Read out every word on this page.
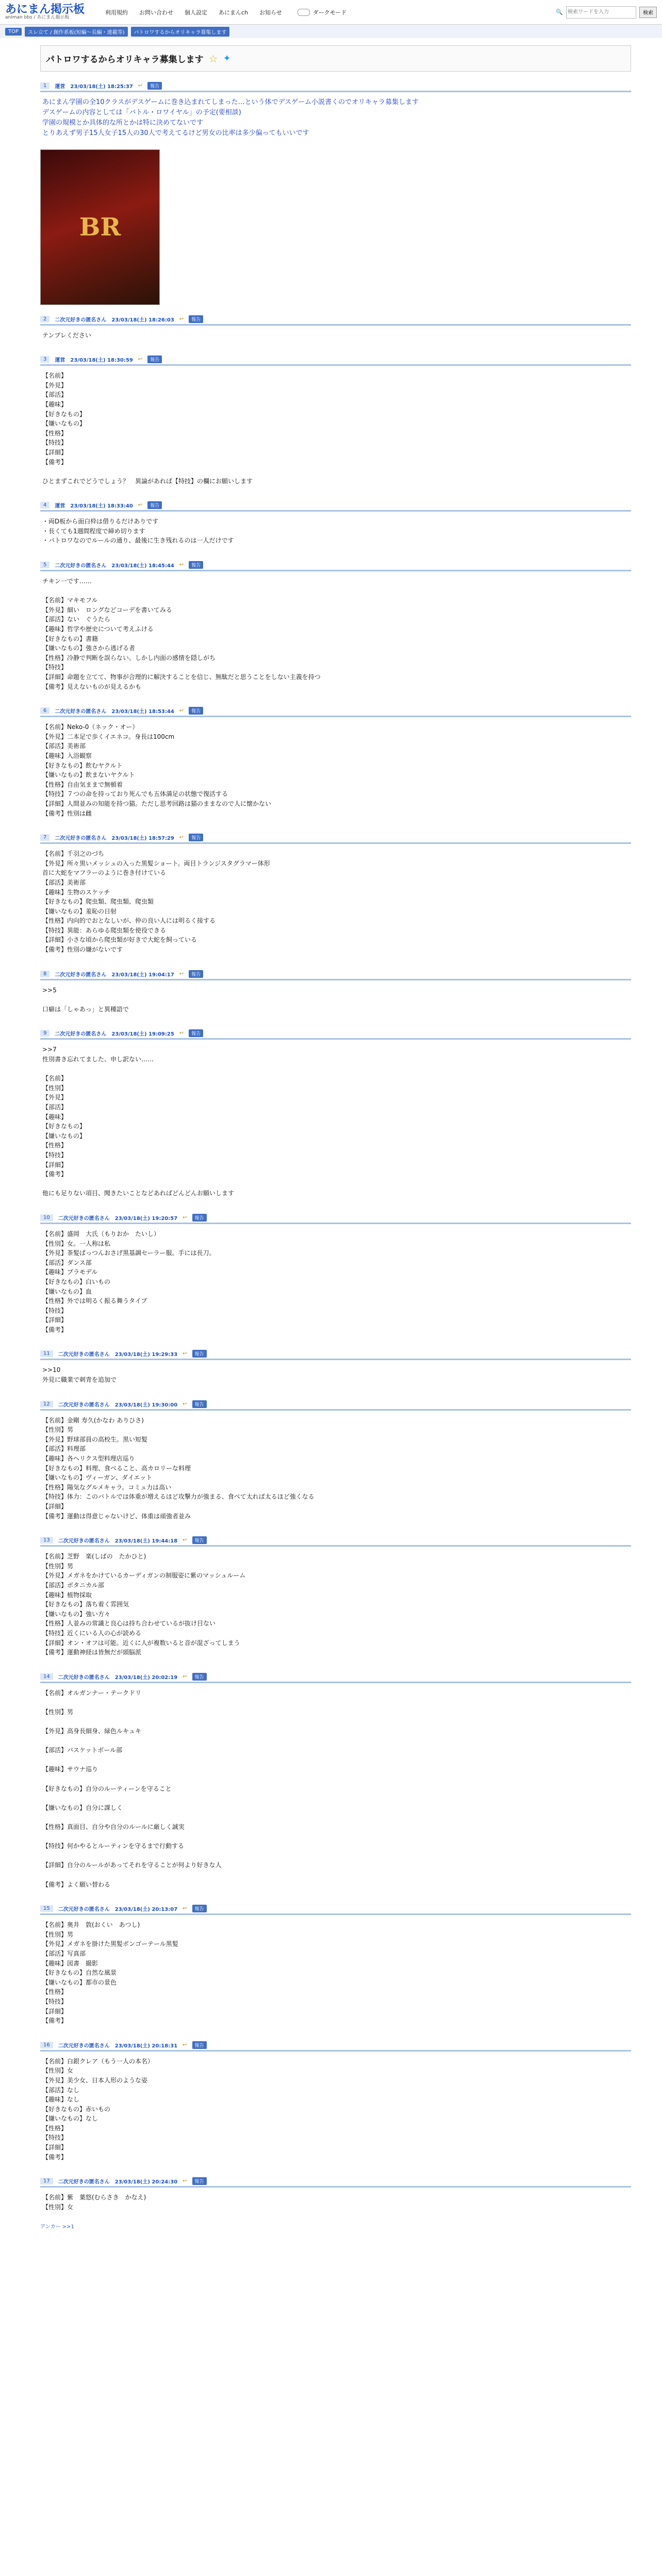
あにまん掲示板
animan bbs / あにまん掲示板
利用規約 お問い合わせ 個人設定 あにまんch お知らせ	ダークモード	🔍
検索ワードを入力	検索
TOP	スレ立て / 創作系板(短編～長編・連載等)	パトロワするからオリキャラ募集します
パトロワするからオリキャラ募集します ☆ ✦
1	運営 23/03/18(土) 18:25:37 ↩	報告
あにまん学園の全10クラスがデスゲームに巻き込まれてしまった…という体でデスゲーム小説書くのでオリキャラ募集します
デスゲームの内容としては「バトル・ロワイヤル」の予定(要相談)
学園の規模とか具体的な所とかは特に決めてないです
とりあえず男子15人女子15人の30人で考えてるけど男女の比率は多少偏ってもいいです
BR
2	二次元好きの匿名さん 23/03/18(土) 18:26:03 ↩	報告
テンプレください
3	運営 23/03/18(土) 18:30:59 ↩	報告
【名前】
【外見】
【部活】
【趣味】
【好きなもの】
【嫌いなもの】
【性格】
【特技】
【詳細】
【備考】

ひとまずこれでどうでしょう？　異論があれば【特技】の欄にお願いします
4	運営 23/03/18(土) 18:33:40 ↩	報告
・両D板から面白枠は借りるだけありです
・長くても1週間程度で締め切ります
・パトロワなのでルールの通り、最後に生き残れるのは一人だけです
5	二次元好きの匿名さん 23/03/18(土) 18:45:44 ↩	報告
チキン一です……

【名前】マキモフル
【外見】細い　ロングなどコーデを書いてみる
【部活】ない　ぐうたら
【趣味】哲学や歴史について考えふける
【好きなもの】書籍
【嫌いなもの】強さから逃げる者
【性格】冷静で判断を誤らない。しかし内面の感情を隠しがち
【特技】　　
【詳細】命題を立てて、物事が合理的に解決することを信じ、無駄だと思うことをしない主義を持つ
【備考】見えないものが見えるかも
6	二次元好きの匿名さん 23/03/18(土) 18:53:44 ↩	報告
【名前】Neko-0（ネック・オー）
【外見】二本足で歩くイエネコ。身長は100cm
【部活】美術部
【趣味】入浴観察
【好きなもの】飲むヤクルト
【嫌いなもの】飲まないヤクルト
【性格】自由気ままで無頓着
【特技】７つの命を持っており死んでも五体満足の状態で復活する
【詳細】人間並みの知能を持つ猫。ただし思考回路は猫のままなので人に懐かない
【備考】性別は雌
7	二次元好きの匿名さん 23/03/18(土) 18:57:29 ↩	報告
【名前】千羽之のづち
【外見】所々黒いメッシュの入った黒髪ショート。両目トランジスタグラマー体形
首に大蛇をマフラーのように巻き付けている
【部活】美術部
【趣味】生物のスケッチ
【好きなもの】爬虫類、爬虫類、爬虫類
【嫌いなもの】羞恥の日射
【性格】内向的でおとなしいが、仲の良い人には明るく接する
【特技】異能：あらゆる爬虫類を使役できる
【詳細】小さな頃から爬虫類が好きで大蛇を飼っている
【備考】性別の嫌がないです
8	二次元好きの匿名さん 23/03/18(土) 19:04:17 ↩	報告
>>5

口癖は「しゃあっ」と異種語で
9	二次元好きの匿名さん 23/03/18(土) 19:09:25 ↩	報告
>>7
性別書き忘れてました、申し訳ない……

【名前】
【性別】
【外見】
【部活】
【趣味】
【好きなもの】
【嫌いなもの】
【性格】
【特技】
【詳細】
【備考】

他にも足りない項目、聞きたいことなどあればどんどんお願いします
10	二次元好きの匿名さん 23/03/18(土) 19:20:57 ↩	報告
【名前】盛岡　大氏（もりおか　たいし）
【性別】女。一人称は私
【外見】茶髪ぱっつんおさげ黒基調セーラー服。手には長刀。
【部活】ダンス部
【趣味】プラモデル
【好きなもの】白いもの
【嫌いなもの】血
【性格】外では明るく振る舞うタイプ
【特技】　
【詳細】　
【備考】　
11	二次元好きの匿名さん 23/03/18(土) 19:29:33 ↩	報告
>>10
外見に職業で刺青を追加で
12	二次元好きの匿名さん 23/03/18(土) 19:30:00 ↩	報告
【名前】金剛 寿久(かなわ ありひさ)
【性別】男
【外見】野球部員の高校生。黒い短髪
【部活】料理部
【趣味】各ヘリクス型料理店巡り
【好きなもの】料理、食べること、高カロリーな料理
【嫌いなもの】ヴィーガン、ダイエット
【性格】陽気なグルメキャラ。コミュ力は高い
【特技】体力：このバトルでは体重が増えるほど攻撃力が強まる、食べて太れば太るほど強くなる
【詳細】　
【備考】運動は得意じゃないけど、体重は頑強者並み
13	二次元好きの匿名さん 23/03/18(土) 19:44:18 ↩	報告
【名前】芝野　楽(しばの　たかひと)
【性別】男
【外見】メガネをかけているカーディガンの制服姿に紫のマッシュルーム
【部活】ボタニカル部
【趣味】植物採取
【好きなもの】落ち着く雰囲気
【嫌いなもの】強い方々
【性格】人並みの常識と良心は持ち合わせているが抜け目ない
【特技】近くにいる人の心が読める
【詳細】オン・オフは可能。近くに人が複数いると音が混ざってしまう
【備考】運動神経は皆無だが頭脳派
14	二次元好きの匿名さん 23/03/18(土) 20:02:19 ↩	報告
【名前】オルガンナー・テークドリ

【性別】男

【外見】高身長細身、緑色ルキュキ

【部活】バスケットボール部

【趣味】サウナ巡り

【好きなもの】自分のルーティーンを守ること

【嫌いなもの】自分に課しく

【性格】真面目、自分や自分のルールに厳しく誠実

【特技】何かやるとルーティンを守るまで行動する

【詳細】自分のルールがあってそれを守ることが何より好きな人

【備考】よく願い替わる
15	二次元好きの匿名さん 23/03/18(土) 20:13:07 ↩	報告
【名前】奥井　敦(おくい　あつし)
【性別】男
【外見】メガネを掛けた黒髪ボンゴーテール黒髪
【部活】写真部
【趣味】図書　撮影
【好きなもの】自然な風景
【嫌いなもの】都市の景色
【性格】　
【特技】　
【詳細】　
【備考】　
16	二次元好きの匿名さん 23/03/18(土) 20:18:31 ↩	報告
【名前】白銀クレア（もう一人の本名）
【性別】女
【外見】美少女、日本人形のような姿
【部活】なし
【趣味】なし
【好きなもの】赤いもの
【嫌いなもの】なし
【性格】　
【特技】　
【詳細】　
【備考】　
17	二次元好きの匿名さん 23/03/18(土) 20:24:30 ↩	報告
【名前】紫　葉悠(むらさき　かなえ)
【性別】女
アンカー >>1
